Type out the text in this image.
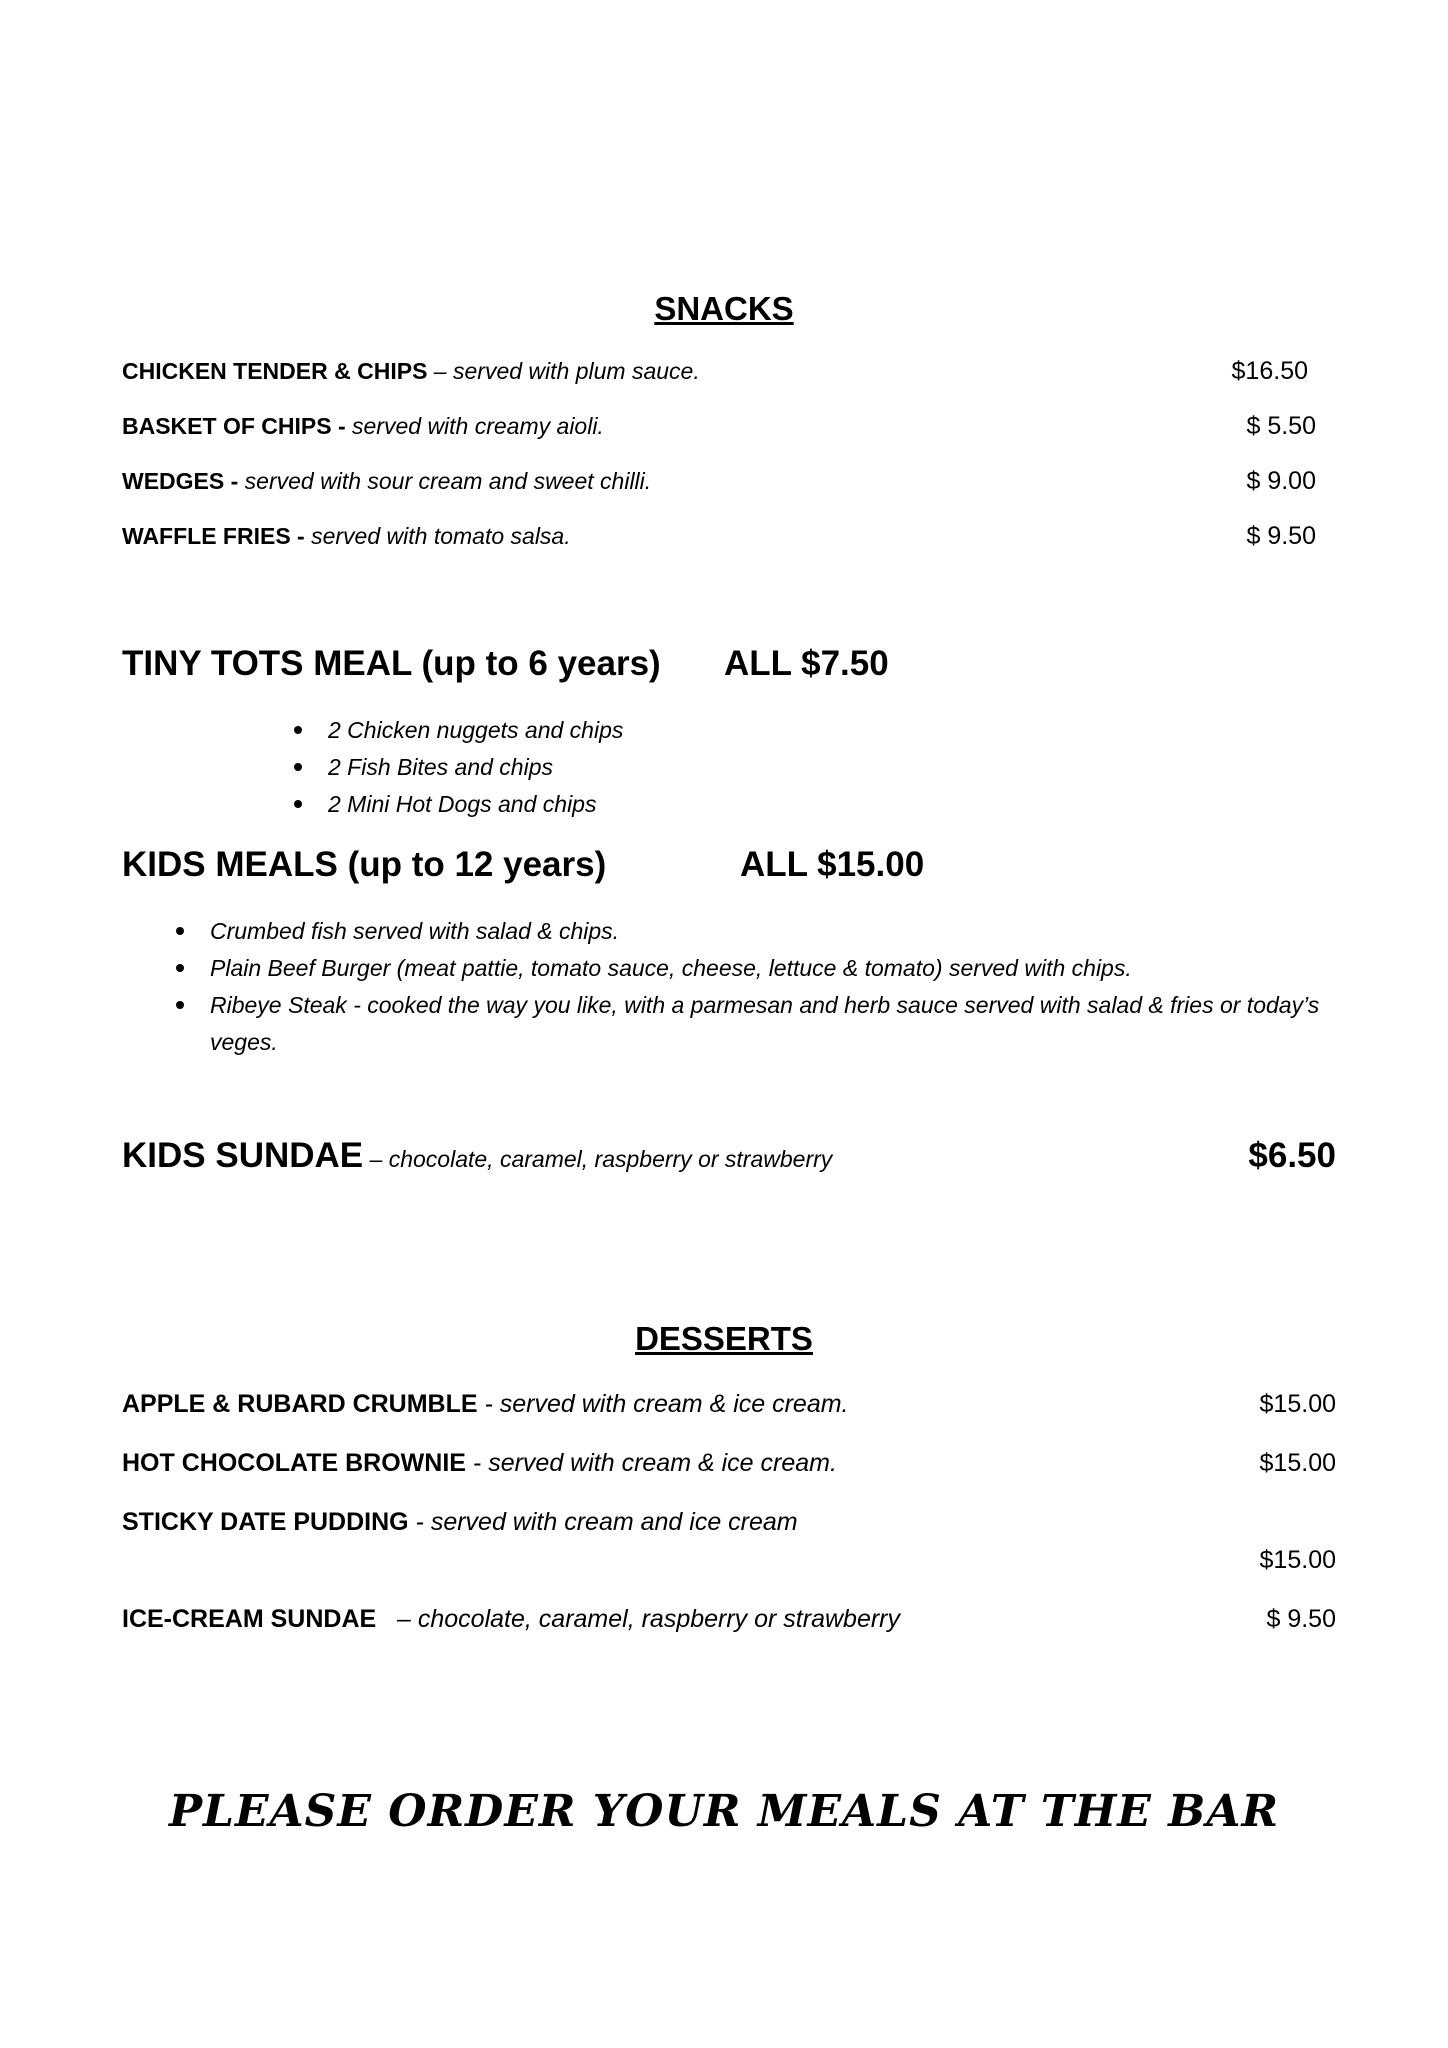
SNACKS
CHICKEN TENDER & CHIPS – served with plum sauce.	$16.50
BASKET OF CHIPS - served with creamy aioli.	$ 5.50
WEDGES - served with sour cream and sweet chilli.	$ 9.00
WAFFLE FRIES - served with tomato salsa.	$ 9.50
TINY TOTS MEAL (up to 6 years) ALL $7.50
2 Chicken nuggets and chips
2 Fish Bites and chips
2 Mini Hot Dogs and chips
KIDS MEALS (up to 12 years)	ALL $15.00
Crumbed fish served with salad & chips.
Plain Beef Burger (meat pattie, tomato sauce, cheese, lettuce & tomato) served with chips.
Ribeye Steak - cooked the way you like, with a parmesan and herb sauce served with salad & fries or today’s veges.
KIDS SUNDAE – chocolate, caramel, raspberry or strawberry	$6.50
DESSERTS
APPLE & RUBARD CRUMBLE - served with cream & ice cream.	$15.00
HOT CHOCOLATE BROWNIE - served with cream & ice cream.	$15.00
STICKY DATE PUDDING - served with cream and ice cream
$15.00
ICE-CREAM SUNDAE   – chocolate, caramel, raspberry or strawberry	$ 9.50
PLEASE ORDER YOUR MEALS AT THE BAR
